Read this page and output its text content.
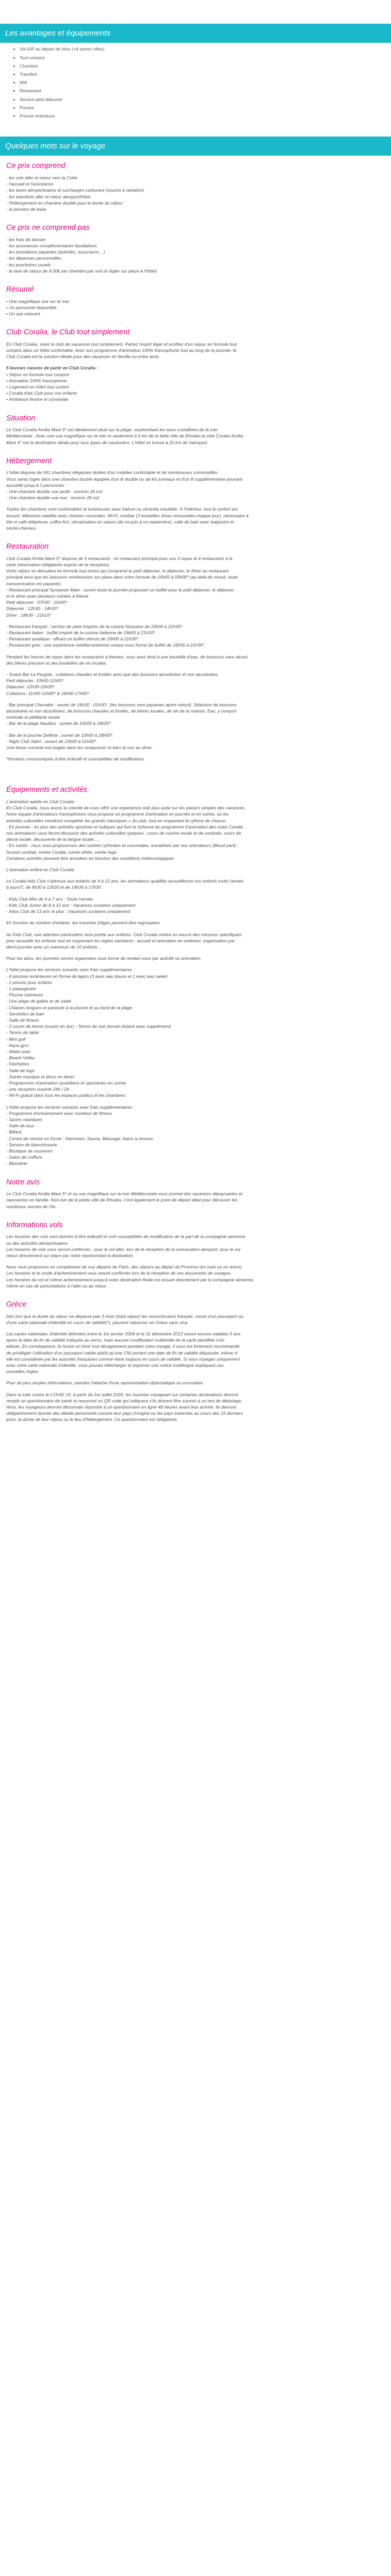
Les avantages et équipements
• Vol A/R au départ de Nice (+8 autres villes)
• Tout compris
• Chambre
• Transfert
• Wifi
• Restaurant
• Service petit déjeuner
• Piscine
• Piscine extérieure
Quelques mots sur le voyage
Ce prix comprend
- les vols aller et retour vers la Crète
- l'accueil et l'assistance
- les taxes aéroportuaires et surcharges carburant (soumis à variation)
- les transferts aller et retour aéroport/hôtel
- l'hébergement en chambre double pour la durée du séjour
- la pension de base
Ce prix ne comprend pas
- les frais de dossier
- les assurances complémentaires facultatives
- les prestations payantes (activités, excursions…)
- les dépenses personnelles
- les pourboires usuels
- la taxe de séjour de 4,00€ par chambre par nuit (à régler sur place à l'hôtel)
Résumé
• Une magnifique vue sur la mer
• Un personnel disponible
• Un spa relaxant
Club Coralia, le Club tout simplement
En Club Coralia, vivez le club de vacances tout simplement. Partez l'esprit léger et profitez d'un séjour en formule tout
compris dans un hôtel confortable. Avec son programme d'animation 100% francophone tout au long de la journée, le
Club Coralia est la solution idéale pour des vacances en famille ou entre amis.
5 bonnes raisons de partir en Club Coralia :
• Séjour en formule tout compris
• Animation 100% francophone
• Logement en hôtel tout confort
• Coralia Kids Club pour vos enfants
• Ambiance festive et conviviale
Situation
Le Club Coralia Amilia Mare 5* est idéalement situé sur la plage, surplombant les eaux cristallines de la mer
Méditerranée . Avec une vue magnifique sur la mer et seulement à 6 km de la belle ville de Rhodes,le club Coralia Amilia
Mare 5* est la destination idéale pour tous types de vacanciers. L'hôtel se trouve à 20 km de l'aéroport.
Hébergement
L'hôtel dispose de 591 chambres élégantes dotées d'un mobilier confortable et de nombreuses commodités.
Vous serez logés dans une chambre double équipée d'un lit double ou de lits jumeaux et d'un lit supplémentaire pouvant
accueillir jusqu'à 3 personnes :
- Une chambre double vue jardin : environ 26 m2.
- Une chambre double vue mer : environ 26 m2.
Toutes les chambres sont confortables et lumineuses avec balcon ou véranda meublée. À l'intérieur, tout le confort est
assuré: télévision satellite avec chaînes musicales, Wi-Fi, minibar (3 bouteilles d'eau renouvelée chaque jour), nécessaire à
thé et café téléphone, coffre-fort, climatisation en saison (du mi-juin à mi-septembre), salle de bain avec baignoire et
sèche-cheveux.
Restauration
Club Coralia Amilia Mare 5* dispose de 5 restaurants : un restaurant principal pour vos 3 repas et 4 restaurants à la
carte (réservation obligatoire auprès de la réception).
Votre séjour se déroulera en formule tout inclus qui comprend le petit déjeuner, le déjeuner, le dîner au restaurant
principal ainsi que les boissons nombreuses sur place dans votre formule de 10h00 à 00h00* (au-delà de minuit, toute
consommation est payante).
- Restaurant principal Symposio Main : ouvert toute la journée proposant un buffet pour le petit déjeuner, le déjeuner
et le dîner avec plusieurs soirées à thème.
Petit déjeuner : 07h30 - 11h00*
Déjeuner : 12h30 - 14h30*
Dîner : 18h30 - 21h15*
- Restaurant français : service de plats inspirés de la cuisine française de 19h00 à 21h30*.
- Restaurant italien : buffet inspiré de la cuisine italienne de 19h00 à 21h30*.
- Restaurant asiatique : offrant un buffet chinois de 19h00 à 21h30*.
- Restaurant grec : une expérience méditerranéenne unique sous forme de buffet de 19h00 à 21h30*.
Pendant les heures de repas dans les restaurants à thèmes, vous avez droit à une bouteille d'eau, de boissons sans alcool,
des bières pression et des bouteilles de vin locales.
- Snack Bar La Pergola : collations chaudes et froides ainsi que des boissons alcoolisées et non alcoolisées.
Petit déjeuner: 10h00-11h00*.
Déjeuner: 12h30-15h30*
Collations: 11h00-12h00* & 16h00-17h00*.
- Bar principal Chevalier : ouvert de 16h30 - 01h00*. (les boissons sont payantes après minuit). Sélection de boissons
alcoolisées et non alcoolisées, de boissons chaudes et froides, de bières locales, de vin de la maison. Eau, y compris
minérale et pétillante locale
- Bar de la plage Nautilus : ouvert de 10h00 à 18h00*.
- Bar de la piscine Delfinia : ouvert de 10h00 à 18h00*.
- Night Club Sabri : ouvert de 23h00 à 01h00*.
Une tenue correcte est exigée dans les restaurants et bars le soir au dîner.
*Horaires communiqués à titre indicatif et susceptibles de modification.
Équipements et activités
L'animation adulte en Club Coralia
En Club Coralia, nous avons la volonté de vous offrir une expérience club plus axée sur les plaisirs simples des vacances.
Notre équipe d'animateurs francophones vous propose un programme d'animation en journée et en soirée, où les
activités culturelles viendront compléter les grands classiques « du club, tout en respectant le rythme de chacun.
- En journée : en plus des activités sportives et ludiques qui font la richesse du programme d'animation des clubs Coralia
nos animateurs vous feront découvrir des activités culturelles typiques : cours de cuisine locale et de cocktails, cours de
danse locale, découverte de la langue locale,…
- En soirée : nous vous proposerons des soirées rythmées et conviviales, encadrées par nos animateurs (Blood party ,
Sunset cocktail, soirée Coralia, soirée white, soirée loga.
Certaines activités peuvent être annulées en fonction des conditions météorologiques.
L'animation enfant en Club Coralia
Le Coralia kids Club s'adresse aux enfants de 4 à 12 ans, les animateurs qualifiés accueilleront vos enfants toute l'année
6 jours/7, de 9h30 à 12h30 et de 14h30 à 17h30 :
- Kids Club Mini de 4 à 7 ans : Toute l'année
- Kids Club Junior de 8 à 12 ans : Vacances scolaires uniquement
- Ados Club de 13 ans et plus : Vacances scolaires uniquement
En fonction du nombre d'enfants, les tranches d'âges peuvent être regroupées
Au Kids Club, une attention particulière sera portée aux enfants. Club Coralia mettra en œuvre des mesures spécifiques
pour accueillir les enfants tout en respectant les règles sanitaires : accueil et animation en extérieur, organisation par
demi-journée avec un maximum de 10 enfants…
Pour les ados, les journées seront organisées sous forme de rendez-vous par activité ou animation.
L'hôtel propose les services suivants sans frais supplémentaires :
- 4 piscines extérieures en forme de lagon (3 avec eau douce et 1 avec eau salée)
- 1 piscine pour enfants
- 1 pataugeoire
- Piscine intérieure
- Une plage de galets et de sable
- Chaises longues et parasols à la piscine et au bord de la plage
- Serviettes de bain
- Salle de fitness
- 2 courts de tennis (courts en dur) - Tennis de nuit (terrain éclairé avec supplément)
- Tennis de table
- Mini golf
- Aqua gym
- Water-polo
- Beach-Volley
- Fléchettes
- Salle de loge
- Soirée musique et disco en direct
- Programmes d'animation quotidiens et spectacles en soirée
- une réception ouverte 24h / 24
- Wi-Fi gratuit dans tous les espaces publics et les chambres
L'hôtel propose les services suivants avec frais supplémentaires :
- Programme d'entraînement avec moniteur de fitness
- Sports nautiques
- Salle de jeux
- Billard
- Centre de remise en forme : Hammam, Sauna, Massage, bains à remous
- Service de blanchisserie
- Boutique de souvenirs
- Salon de coiffure
- Bijouterie
Notre avis
Le Club Coralia Amilia Mare 5* et sa vue magnifique sur la mer Méditerranée vous promet des vacances dépaysantes et
reposantes en famille. Non loin de la petite ville de Rhodes, c'est également le point de départ idéal pour découvrir les
nombreux secrets de l'île.
Informations vols
Les horaires des vols sont donnés à titre indicatif et sont susceptibles de modification de la part de la compagnie aérienne
ou des autorités aéroportuaires.
Les horaires de vols vous seront confirmés : pour le vol aller, lors de la réception de la convocation aéroport; pour le vol
retour directement sur place par notre représentant à destination.
Nous vous proposons en complément de nos départs de Paris, des séjours au départ de Province (en train ou en avion).
Les horaires et le mode d'acheminement vous seront confirmés lors de la réception de vos documents de voyages.
Les horaires du vol et même acheminement jusqu'à votre destination finale est assuré directement par la compagnie aérienne,
même en cas de perturbations à l'aller ou au retour.
Grèce
Dès lors que la durée du séjour ne dépasse pas 3 mois (total séjour) les ressortissants français, munis d'un passeport ou
d'une carte nationale d'identité en cours de validité(*), peuvent séjourner en Grèce sans visa.
Les cartes nationales d'identité délivrées entre le 1er janvier 2004 et le 31 décembre 2013 seront encore valables 5 ans
après la date de fin de validité indiquée au verso, mais aucune modification matérielle de la carte plastifiée n'en
atteste. En conséquence, ils fusion en tenir tout désagrément pendant votre voyage, il vous est fortement recommandé
de privilégier l'utilisation d'un passeport valide plutôt qu'une CNI portant une date de fin de validité dépassée, même si
elle est considérée par les autorités françaises comme étant toujours en cours de validité. Si vous voyagez uniquement
avec votre carte nationale d'identité, vous pouvez télécharger et imprimer une notice multilingue expliquant ces
nouvelles règles.
Pour de plus amples informations, prendre l'attache d'une représentation diplomatique ou consulaire.
Dans la lutte contre le COVID 19, à partir du 1er juillet 2020, les touristes voyageant sur certaines destinations devront
remplir un questionnaire de santé et recevront un QR code qui indiquera s'ils doivent être soumis à un test de dépistage.
Ainsi, les voyageurs devront désormais répondre à un questionnaire en ligne 48 heures avant leur arrivée. Ils devront
obligatoirement donner des détails personnels comme leur pays d'origine ou les pays traversés au cours des 15 derniers
jours, la durée de leur séjour ou le lieu d'hébergement. Ce questionnaire est obligatoire.
